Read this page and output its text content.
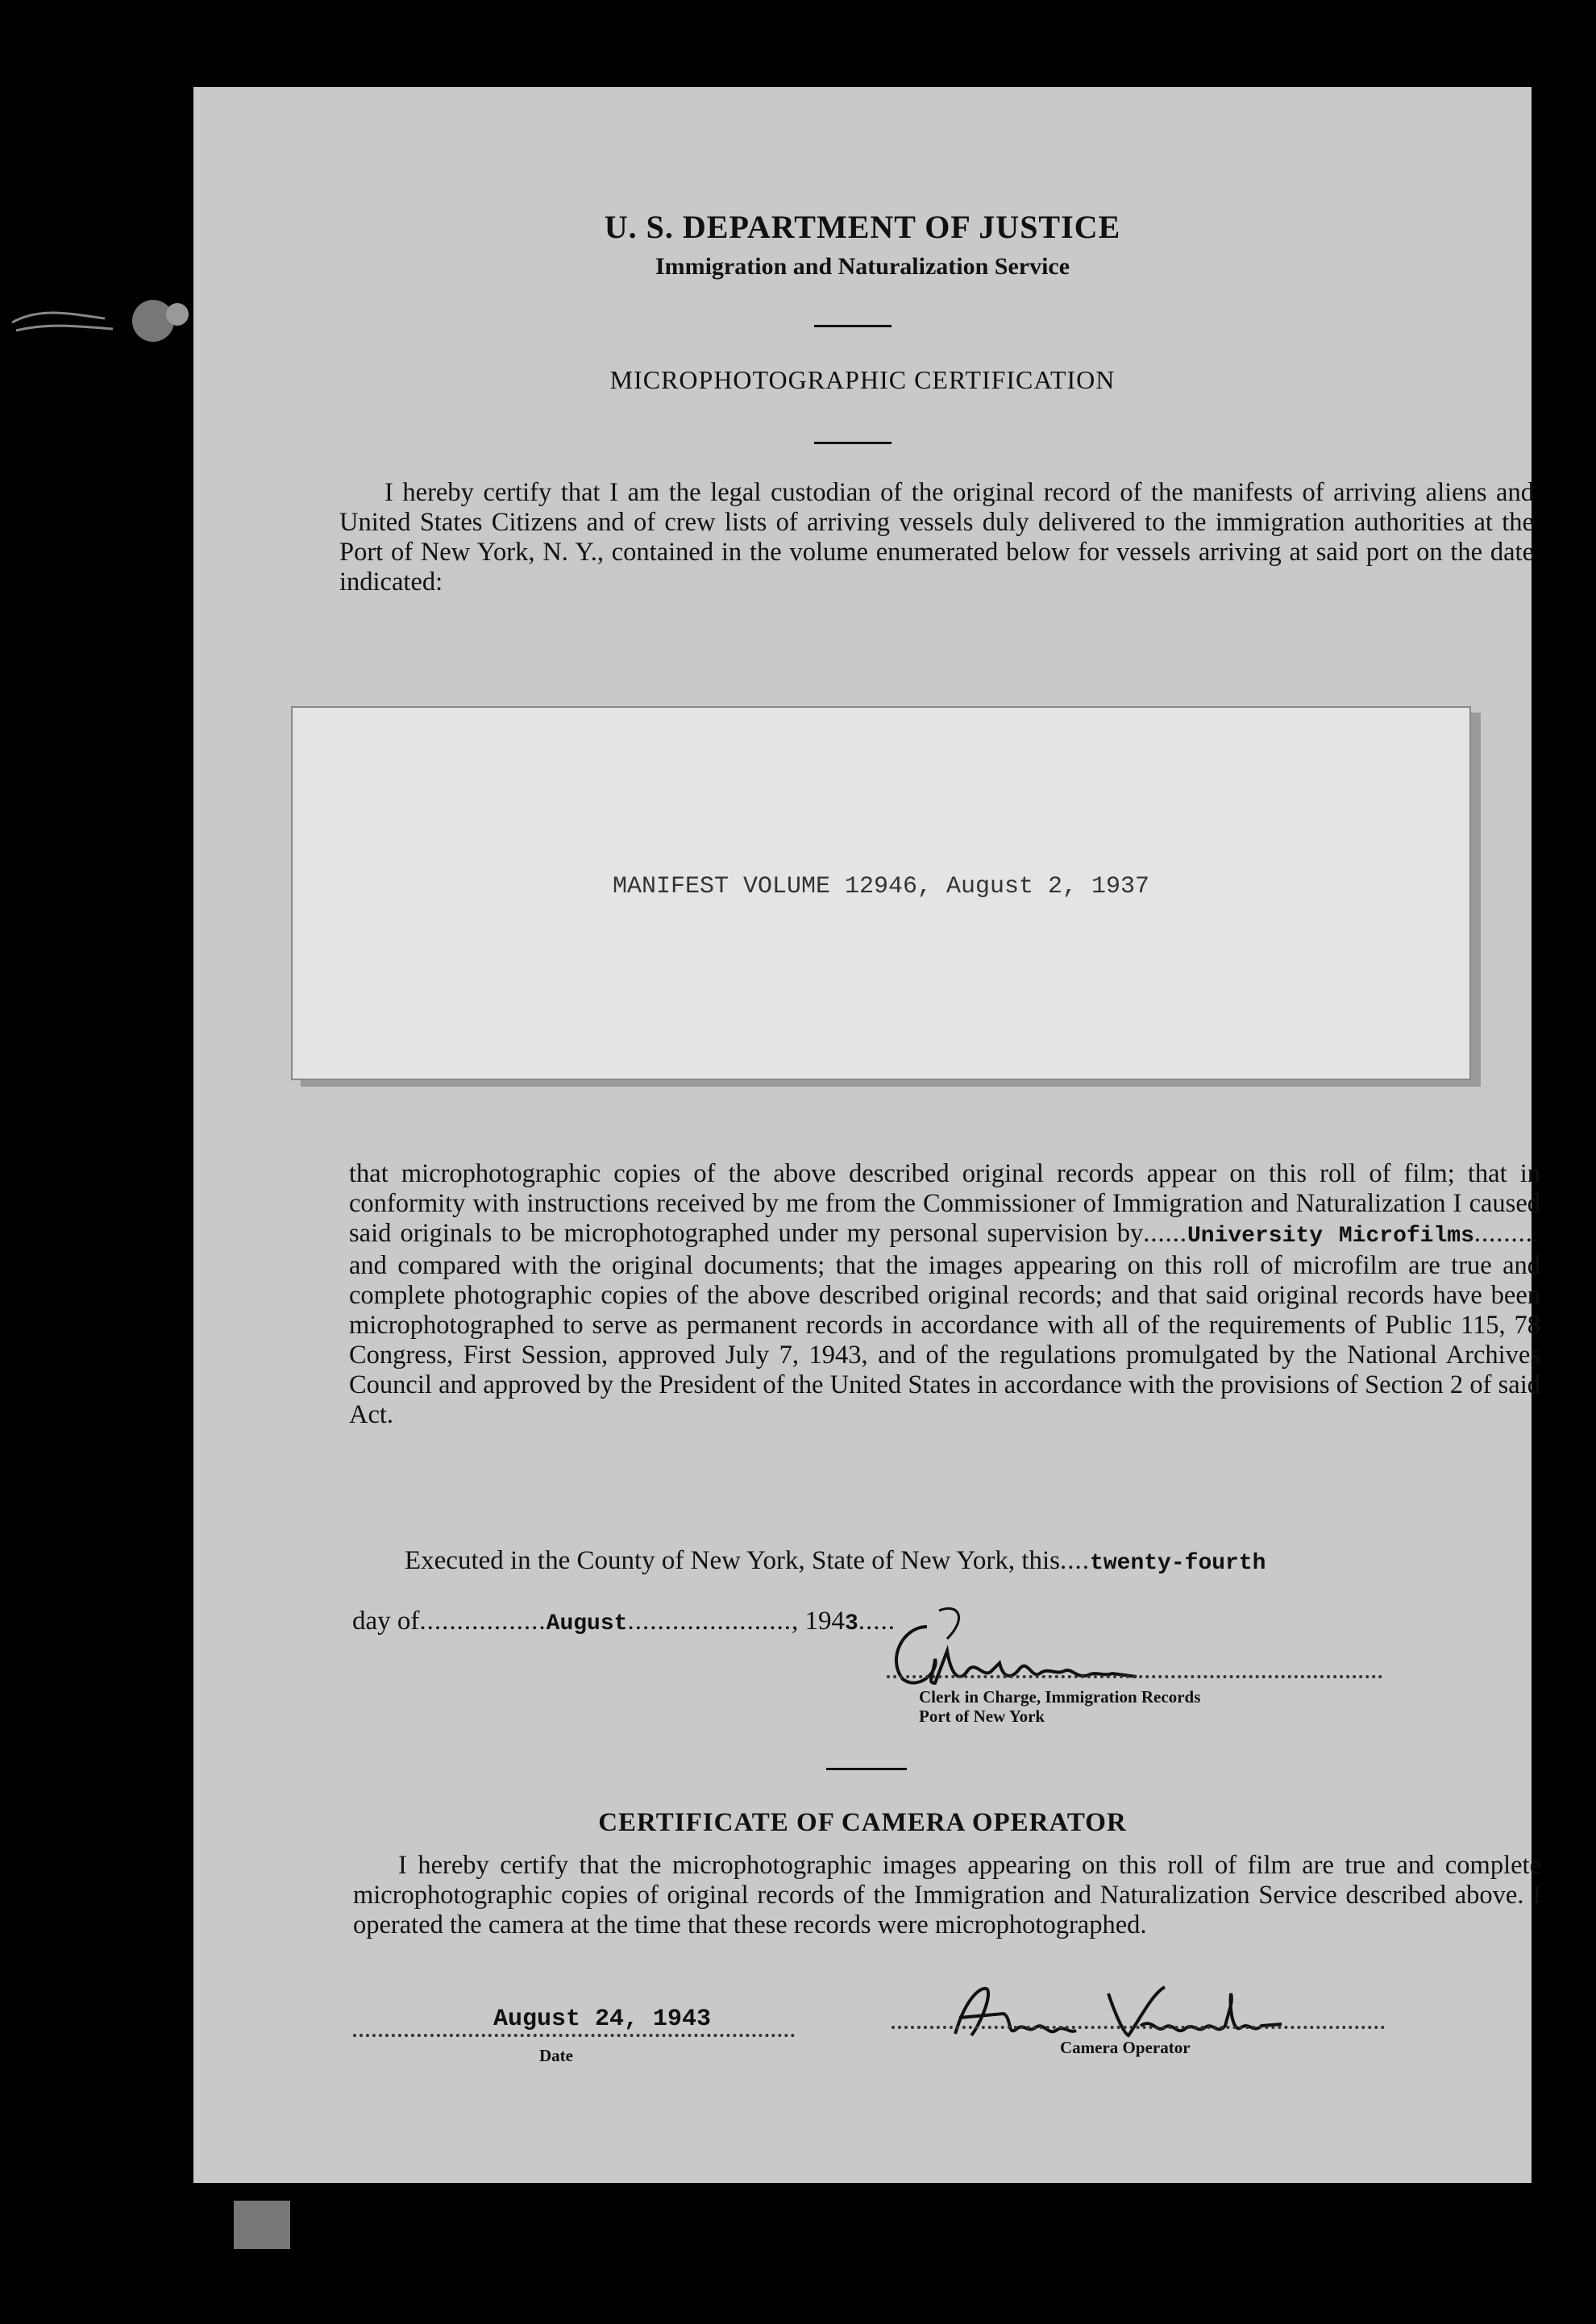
U. S. DEPARTMENT OF JUSTICE
Immigration and Naturalization Service
MICROPHOTOGRAPHIC CERTIFICATION
I hereby certify that I am the legal custodian of the original record of the manifests of arriving aliens and United States Citizens and of crew lists of arriving vessels duly delivered to the immigration authorities at the Port of New York, N. Y., contained in the volume enumerated below for vessels arriving at said port on the date indicated:
MANIFEST VOLUME 12946, August 2, 1937
that microphotographic copies of the above described original records appear on this roll of film; that in conformity with instructions received by me from the Commissioner of Immigration and Naturalization I caused said originals to be microphotographed under my personal supervision by......University Microfilms......... and compared with the original documents; that the images appearing on this roll of microfilm are true and complete photographic copies of the above described original records; and that said original records have been microphotographed to serve as permanent records in accordance with all of the requirements of Public 115, 78 Congress, First Session, approved July 7, 1943, and of the regulations promulgated by the National Archives Council and approved by the President of the United States in accordance with the provisions of Section 2 of said Act.
Executed in the County of New York, State of New York, this....twenty-fourth
day of.................August......................, 1943.....
Clerk in Charge, Immigration Records
Port of New York
CERTIFICATE OF CAMERA OPERATOR
I hereby certify that the microphotographic images appearing on this roll of film are true and complete microphotographic copies of original records of the Immigration and Naturalization Service described above. I operated the camera at the time that these records were microphotographed.
August 24, 1943
Date	Camera Operator
